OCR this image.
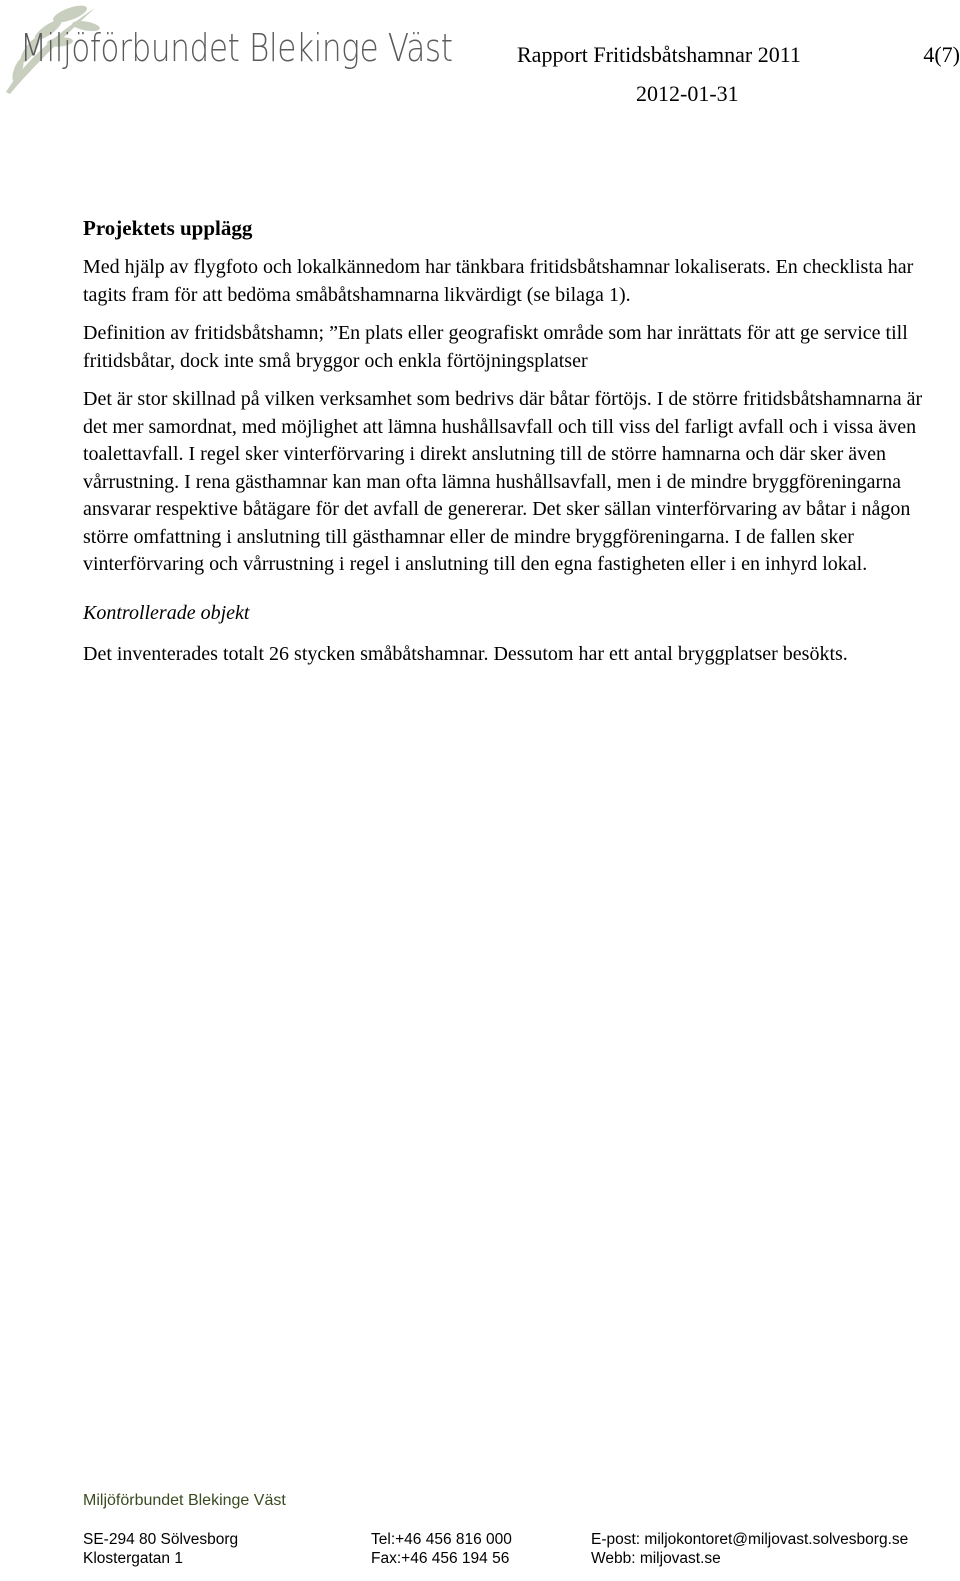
Miljöförbundet Blekinge Väst	Rapport Fritidsbåtshamnar 2011	4(7)
2012-01-31
Projektets upplägg

Med hjälp av flygfoto och lokalkännedom har tänkbara fritidsbåtshamnar lokaliserats. En checklista har tagits fram för att bedöma småbåtshamnarna likvärdigt (se bilaga 1).

Definition av fritidsbåtshamn; ”En plats eller geografiskt område som har inrättats för att ge service till fritidsbåtar, dock inte små bryggor och enkla förtöjningsplatser

Det är stor skillnad på vilken verksamhet som bedrivs där båtar förtöjs. I de större fritidsbåtshamnarna är det mer samordnat, med möjlighet att lämna hushållsavfall och till viss del farligt avfall och i vissa även toalettavfall. I regel sker vinterförvaring i direkt anslutning till de större hamnarna och där sker även vårrustning. I rena gästhamnar kan man ofta lämna hushållsavfall, men i de mindre bryggföreningarna ansvarar respektive båtägare för det avfall de genererar. Det sker sällan vinterförvaring av båtar i någon större omfattning i anslutning till gästhamnar eller de mindre bryggföreningarna. I de fallen sker vinterförvaring och vårrustning i regel i anslutning till den egna fastigheten eller i en inhyrd lokal.

Kontrollerade objekt

Det inventerades totalt 26 stycken småbåtshamnar. Dessutom har ett antal bryggplatser besökts.

Miljöförbundet Blekinge Väst
SE-294 80 Sölvesborg
Klostergatan 1
Tel:+46 456 816 000
Fax:+46 456 194 56
E-post: miljokontoret@miljovast.solvesborg.se
Webb: miljovast.se
